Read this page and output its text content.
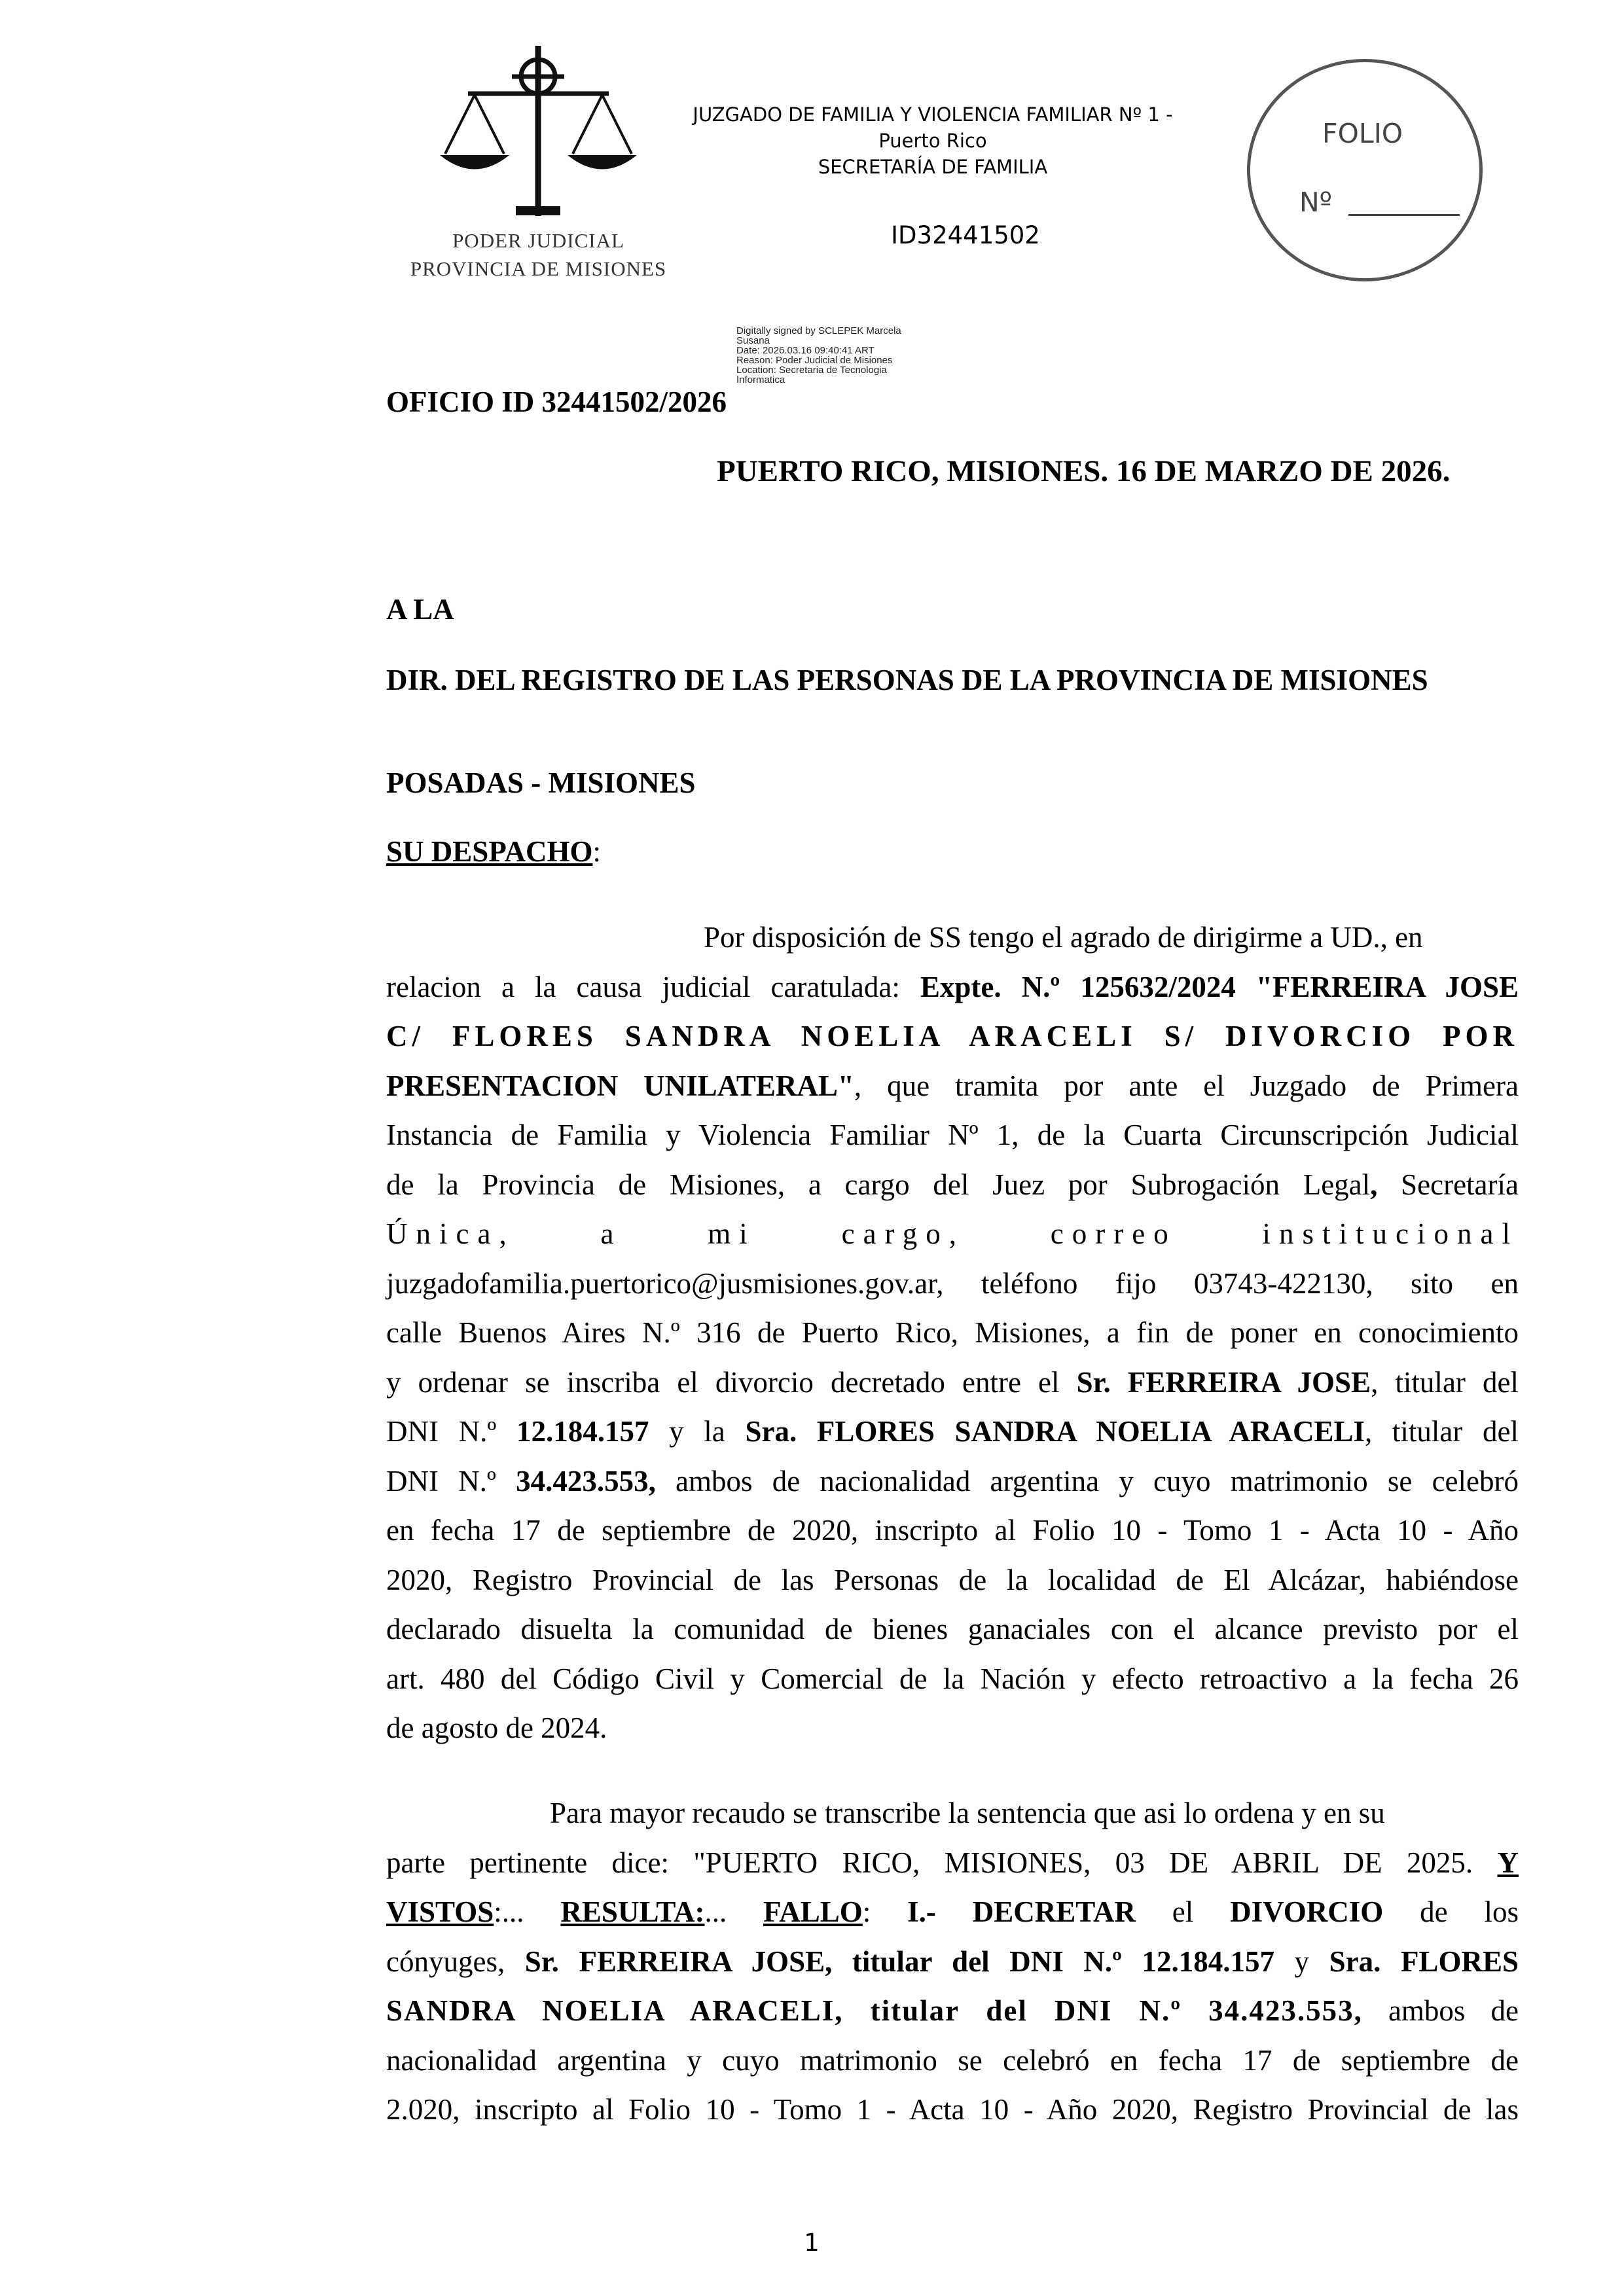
PODER JUDICIAL
PROVINCIA DE MISIONES
JUZGADO DE FAMILIA Y VIOLENCIA FAMILIAR Nº 1 -
Puerto Rico
SECRETARÍA DE FAMILIA
ID32441502
FOLIO
Nº
Digitally signed by SCLEPEK Marcela
Susana
Date: 2026.03.16 09:40:41 ART
Reason: Poder Judicial de Misiones
Location: Secretaria de Tecnologia
Informatica
OFICIO ID 32441502/2026
PUERTO RICO, MISIONES. 16 DE MARZO DE 2026.
A LA
DIR. DEL REGISTRO DE LAS PERSONAS DE LA PROVINCIA DE MISIONES
POSADAS - MISIONES
SU DESPACHO:
Por disposición de SS tengo el agrado de dirigirme a UD., en
relacion a la causa judicial caratulada: Expte. N.º 125632/2024 "FERREIRA JOSE
C/ FLORES SANDRA NOELIA ARACELI S/ DIVORCIO POR
PRESENTACION UNILATERAL", que tramita por ante el Juzgado de Primera
Instancia de Familia y Violencia Familiar Nº 1, de la Cuarta Circunscripción Judicial
de la Provincia de Misiones, a cargo del Juez por Subrogación Legal, Secretaría
Única, a mi cargo, correo institucional
juzgadofamilia.puertorico@jusmisiones.gov.ar, teléfono fijo 03743-422130, sito en
calle Buenos Aires N.º 316 de Puerto Rico, Misiones, a fin de poner en conocimiento
y ordenar se inscriba el divorcio decretado entre el Sr. FERREIRA JOSE, titular del
DNI N.º 12.184.157 y la Sra. FLORES SANDRA NOELIA ARACELI, titular del
DNI N.º 34.423.553, ambos de nacionalidad argentina y cuyo matrimonio se celebró
en fecha 17 de septiembre de 2020, inscripto al Folio 10 - Tomo 1 - Acta 10 - Año
2020, Registro Provincial de las Personas de la localidad de El Alcázar, habiéndose
declarado disuelta la comunidad de bienes ganaciales con el alcance previsto por el
art. 480 del Código Civil y Comercial de la Nación y efecto retroactivo a la fecha 26
de agosto de 2024.
Para mayor recaudo se transcribe la sentencia que asi lo ordena y en su
parte pertinente dice: "PUERTO RICO, MISIONES, 03 DE ABRIL DE 2025. Y
VISTOS:... RESULTA:... FALLO: I.- DECRETAR el DIVORCIO de los
cónyuges, Sr. FERREIRA JOSE, titular del DNI N.º 12.184.157 y Sra. FLORES
SANDRA NOELIA ARACELI, titular del DNI N.º 34.423.553, ambos de
nacionalidad argentina y cuyo matrimonio se celebró en fecha 17 de septiembre de
2.020, inscripto al Folio 10 - Tomo 1 - Acta 10 - Año 2020, Registro Provincial de las
1
